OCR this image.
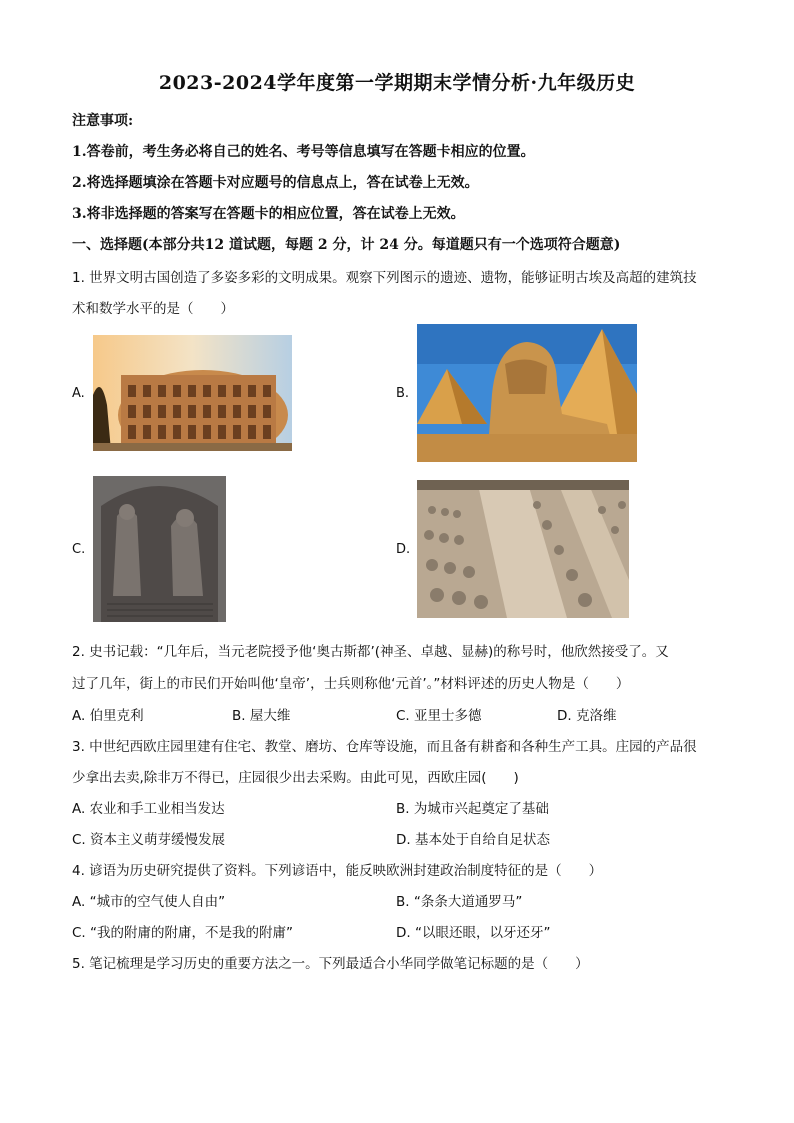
2023-2024学年度第一学期期末学情分析·九年级历史
注意事项:
1.答卷前，考生务必将自己的姓名、考号等信息填写在答题卡相应的位置。
2.将选择题填涂在答题卡对应题号的信息点上，答在试卷上无效。
3.将非选择题的答案写在答题卡的相应位置，答在试卷上无效。
一、选择题(本部分共12 道试题，每题 2 分，计 24 分。每道题只有一个选项符合题意)
1. 世界文明古国创造了多姿多彩的文明成果。观察下列图示的遗迹、遗物，能够证明古埃及高超的建筑技
术和数学水平的是（　　）
A.	B.
C.	D.
2. 史书记载：“几年后，当元老院授予他‘奥古斯都’(神圣、卓越、显赫)的称号时，他欣然接受了。又
过了几年，街上的市民们开始叫他‘皇帝’，士兵则称他‘元首’。”材料评述的历史人物是（　　）
A. 伯里克利	B. 屋大维	C. 亚里士多德	D. 克洛维
3. 中世纪西欧庄园里建有住宅、教堂、磨坊、仓库等设施，而且备有耕畜和各种生产工具。庄园的产品很
少拿出去卖,除非万不得已，庄园很少出去采购。由此可见，西欧庄园(　　)
A. 农业和手工业相当发达	B. 为城市兴起奠定了基础
C. 资本主义萌芽缓慢发展	D. 基本处于自给自足状态
4. 谚语为历史研究提供了资料。下列谚语中，能反映欧洲封建政治制度特征的是（　　）
A. “城市的空气使人自由”	B. “条条大道通罗马”
C. “我的附庸的附庸，不是我的附庸”	D. “以眼还眼，以牙还牙”
5. 笔记梳理是学习历史的重要方法之一。下列最适合小华同学做笔记标题的是（　　）
